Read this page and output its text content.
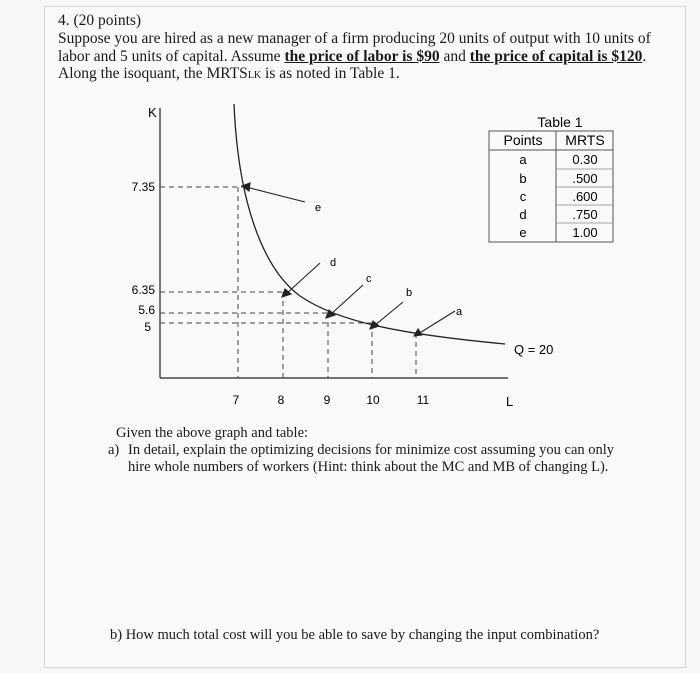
4. (20 points)
Suppose you are hired as a new manager of a firm producing 20 units of output with 10 units of
labor and 5 units of capital. Assume the price of labor is $90 and the price of capital is $120.
Along the isoquant, the MRTSLK is as noted in Table 1.
K
L
Q = 20
e
d
c
b
a
7.35
6.35
5.6
5
7	8	9	10	11
Table 1
Points MRTS
a	0.30
b	.500
c	.600
d	.750
e	1.00
Given the above graph and table:
a) In detail, explain the optimizing decisions for minimize cost assuming you can only
hire whole numbers of workers (Hint: think about the MC and MB of changing L).
b) How much total cost will you be able to save by changing the input combination?
